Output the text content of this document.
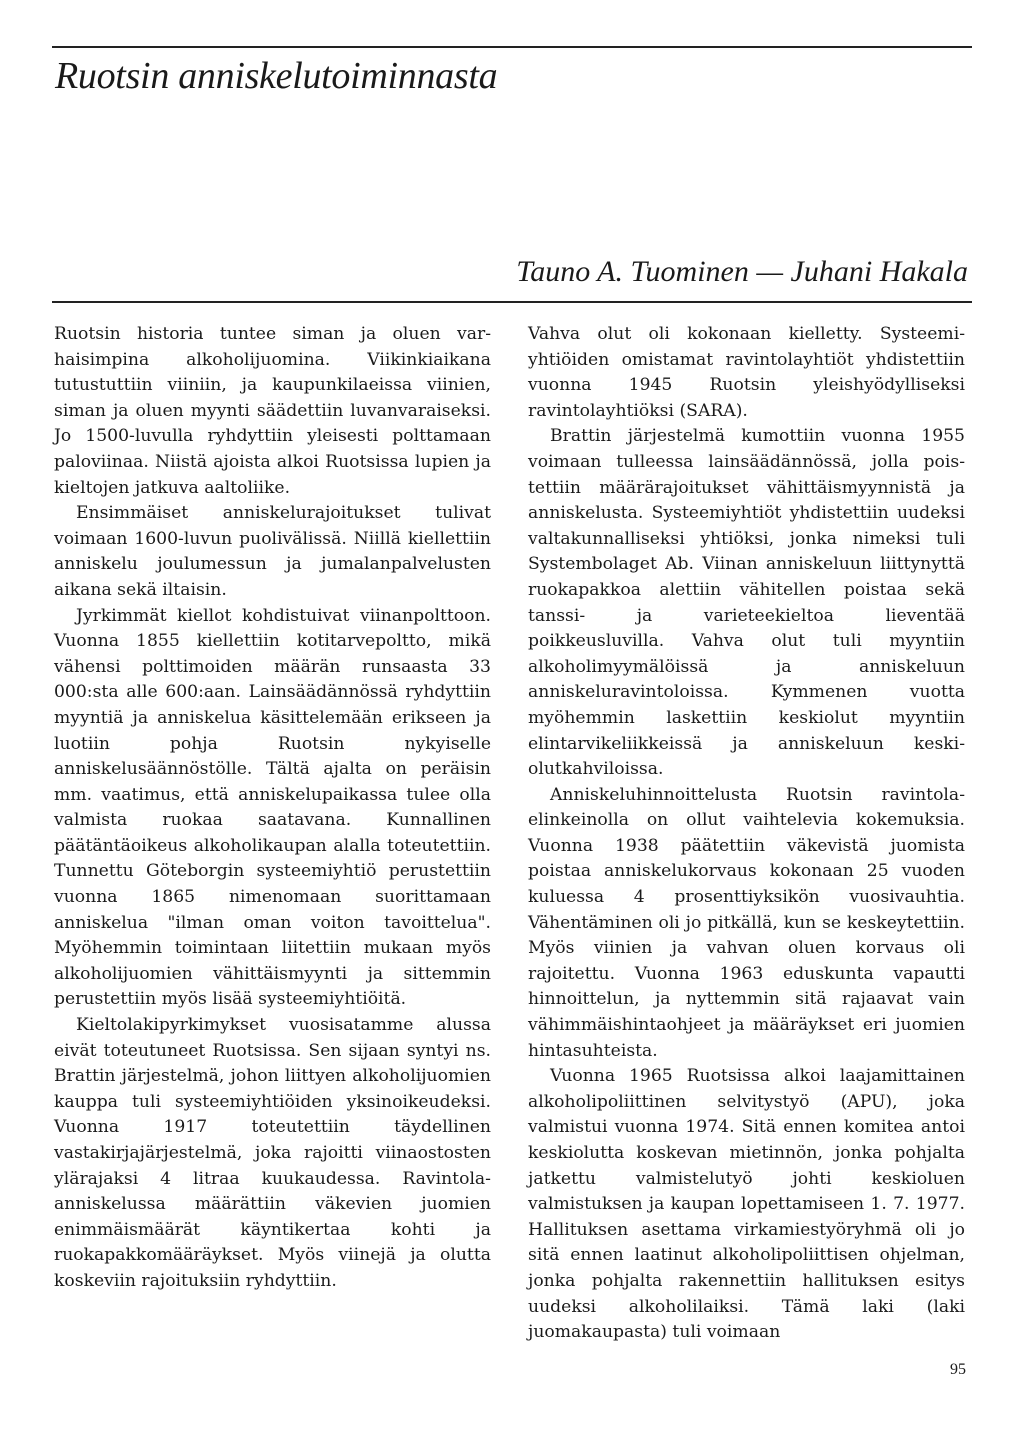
Ruotsin anniskelutoiminnasta

Tauno A. Tuominen — Juhani Hakala

Ruotsin historia tuntee siman ja oluen varhaisimpina alkoholijuomina. Viikinkiaikana tutustuttiin viiniin, ja kaupunkilaeissa viinien, siman ja oluen myynti säädettiin luvanvaraiseksi. Jo 1500-luvulla ryhdyttiin yleisesti polttamaan paloviinaa. Niistä ajoista alkoi Ruotsissa lupien ja kieltojen jatkuva aaltoliike.

Ensimmäiset anniskelurajoitukset tulivat voimaan 1600-luvun puolivälissä. Niillä kiellettiin anniskelu joulumessun ja jumalanpalvelusten aikana sekä iltaisin.

Jyrkimmät kiellot kohdistuivat viinanpolttoon. Vuonna 1855 kiellettiin kotitarvepoltto, mikä vähensi polttimoiden määrän runsaasta 33 000:sta alle 600:aan. Lainsäädännössä ryhdyttiin myyntiä ja anniskelua käsittelemään erikseen ja luotiin pohja Ruotsin nykyiselle anniskelusäännöstölle. Tältä ajalta on peräisin mm. vaatimus, että anniskelupaikassa tulee olla valmista ruokaa saatavana. Kunnallinen päätäntäoikeus alkoholikaupan alalla toteutettiin. Tunnettu Göteborgin systeemiyhtiö perustettiin vuonna 1865 nimenomaan suorittamaan anniskelua "ilman oman voiton tavoittelua". Myöhemmin toimintaan liitettiin mukaan myös alkoholijuomien vähittäismyynti ja sittemmin perustettiin myös lisää systeemiyhtiöitä.

Kieltolakipyrkimykset vuosisatamme alussa eivät toteutuneet Ruotsissa. Sen sijaan syntyi ns. Brattin järjestelmä, johon liittyen alkoholijuomien kauppa tuli systeemiyhtiöiden yksinoikeudeksi. Vuonna 1917 toteutettiin täydellinen vastakirjajärjestelmä, joka rajoitti viinaostosten ylärajaksi 4 litraa kuukaudessa. Ravintola-anniskelussa määrättiin väkevien juomien enimmäismäärät käyntikertaa kohti ja ruokapakkomääräykset. Myös viinejä ja olutta koskeviin rajoituksiin ryhdyttiin.

Vahva olut oli kokonaan kielletty. Systeemiyhtiöiden omistamat ravintolayhtiöt yhdistettiin vuonna 1945 Ruotsin yleishyödylliseksi ravintolayhtiöksi (SARA).

Brattin järjestelmä kumottiin vuonna 1955 voimaan tulleessa lainsäädännössä, jolla poistettiin määrärajoitukset vähittäismyynnistä ja anniskelusta. Systeemiyhtiöt yhdistettiin uudeksi valtakunnalliseksi yhtiöksi, jonka nimeksi tuli Systembolaget Ab. Viinan anniskeluun liittynyttä ruokapakkoa alettiin vähitellen poistaa sekä tanssi- ja varieteekieltoa lieventää poikkeusluvilla. Vahva olut tuli myyntiin alkoholimyymälöissä ja anniskeluun anniskeluravintoloissa. Kymmenen vuotta myöhemmin laskettiin keskiolut myyntiin elintarvikeliikkeissä ja anniskeluun keskiolutkahviloissa.

Anniskeluhinnoittelusta Ruotsin ravintolaelinkeinolla on ollut vaihtelevia kokemuksia. Vuonna 1938 päätettiin väkevistä juomista poistaa anniskelukorvaus kokonaan 25 vuoden kuluessa 4 prosenttiyksikön vuosivauhtia. Vähentäminen oli jo pitkällä, kun se keskeytettiin. Myös viinien ja vahvan oluen korvaus oli rajoitettu. Vuonna 1963 eduskunta vapautti hinnoittelun, ja nyttemmin sitä rajaavat vain vähimmäishintaohjeet ja määräykset eri juomien hintasuhteista.

Vuonna 1965 Ruotsissa alkoi laajamittainen alkoholipoliittinen selvitystyö (APU), joka valmistui vuonna 1974. Sitä ennen komitea antoi keskiolutta koskevan mietinnön, jonka pohjalta jatkettu valmistelutyö johti keskioluen valmistuksen ja kaupan lopettamiseen 1. 7. 1977. Hallituksen asettama virkamiestyöryhmä oli jo sitä ennen laatinut alkoholipoliittisen ohjelman, jonka pohjalta rakennettiin hallituksen esitys uudeksi alkoholilaiksi. Tämä laki (laki juomakaupasta) tuli voimaan

95
